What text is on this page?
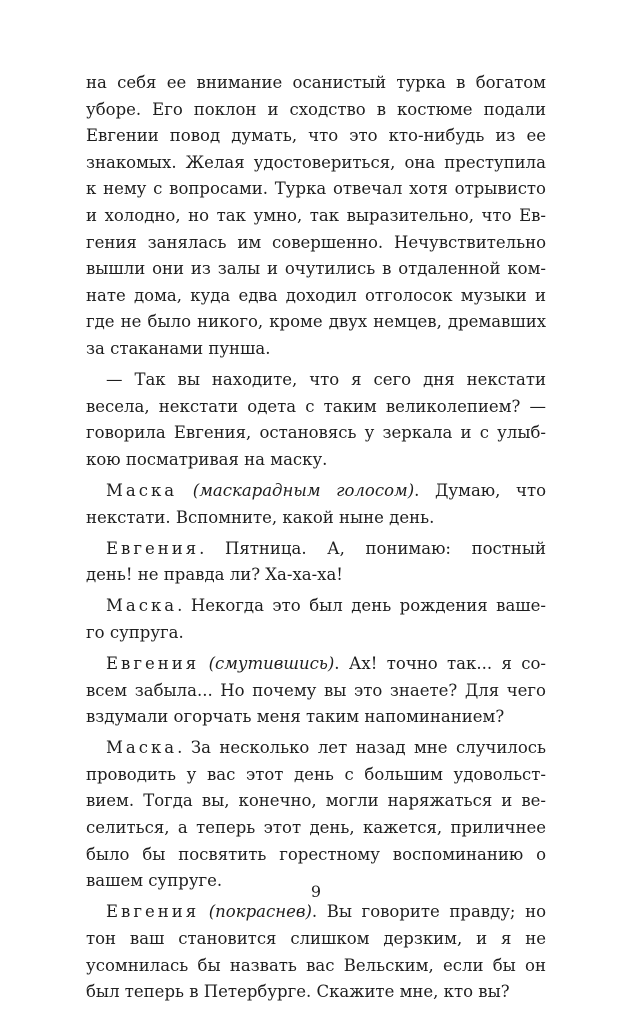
на себя ее внимание осанистый турка в богатом
уборе. Его поклон и сходство в костюме подали
Евгении повод думать, что это кто-нибудь из ее
знакомых. Желая удостовериться, она преступила
к нему с вопросами. Турка отвечал хотя отрывисто
и холодно, но так умно, так выразительно, что Ев-
гения занялась им совершенно. Нечувствительно
вышли они из залы и очутились в отдаленной ком-
нате дома, куда едва доходил отголосок музыки и
где не было никого, кроме двух немцев, дремавших
за стаканами пунша.
— Так вы находите, что я сего дня некстати
весела, некстати одета с таким великолепием? —
говорила Евгения, остановясь у зеркала и с улыб-
кою посматривая на маску.
Маска (маскарадным голосом). Думаю, что
некстати. Вспомните, какой ныне день.
Евгения. Пятница. А, понимаю: постный
день! не правда ли? Ха-ха-ха!
Маска. Некогда это был день рождения ваше-
го супруга.
Евгения (смутившись). Ах! точно так... я со-
всем забыла... Но почему вы это знаете? Для чего
вздумали огорчать меня таким напоминанием?
Маска. За несколько лет назад мне случилось
проводить у вас этот день с большим удовольст-
вием. Тогда вы, конечно, могли наряжаться и ве-
селиться, а теперь этот день, кажется, приличнее
было бы посвятить горестному воспоминанию о
вашем супруге.
Евгения (покраснев). Вы говорите правду; но
тон ваш становится слишком дерзким, и я не
усомнилась бы назвать вас Вельским, если бы он
был теперь в Петербурге. Скажите мне, кто вы?
9
